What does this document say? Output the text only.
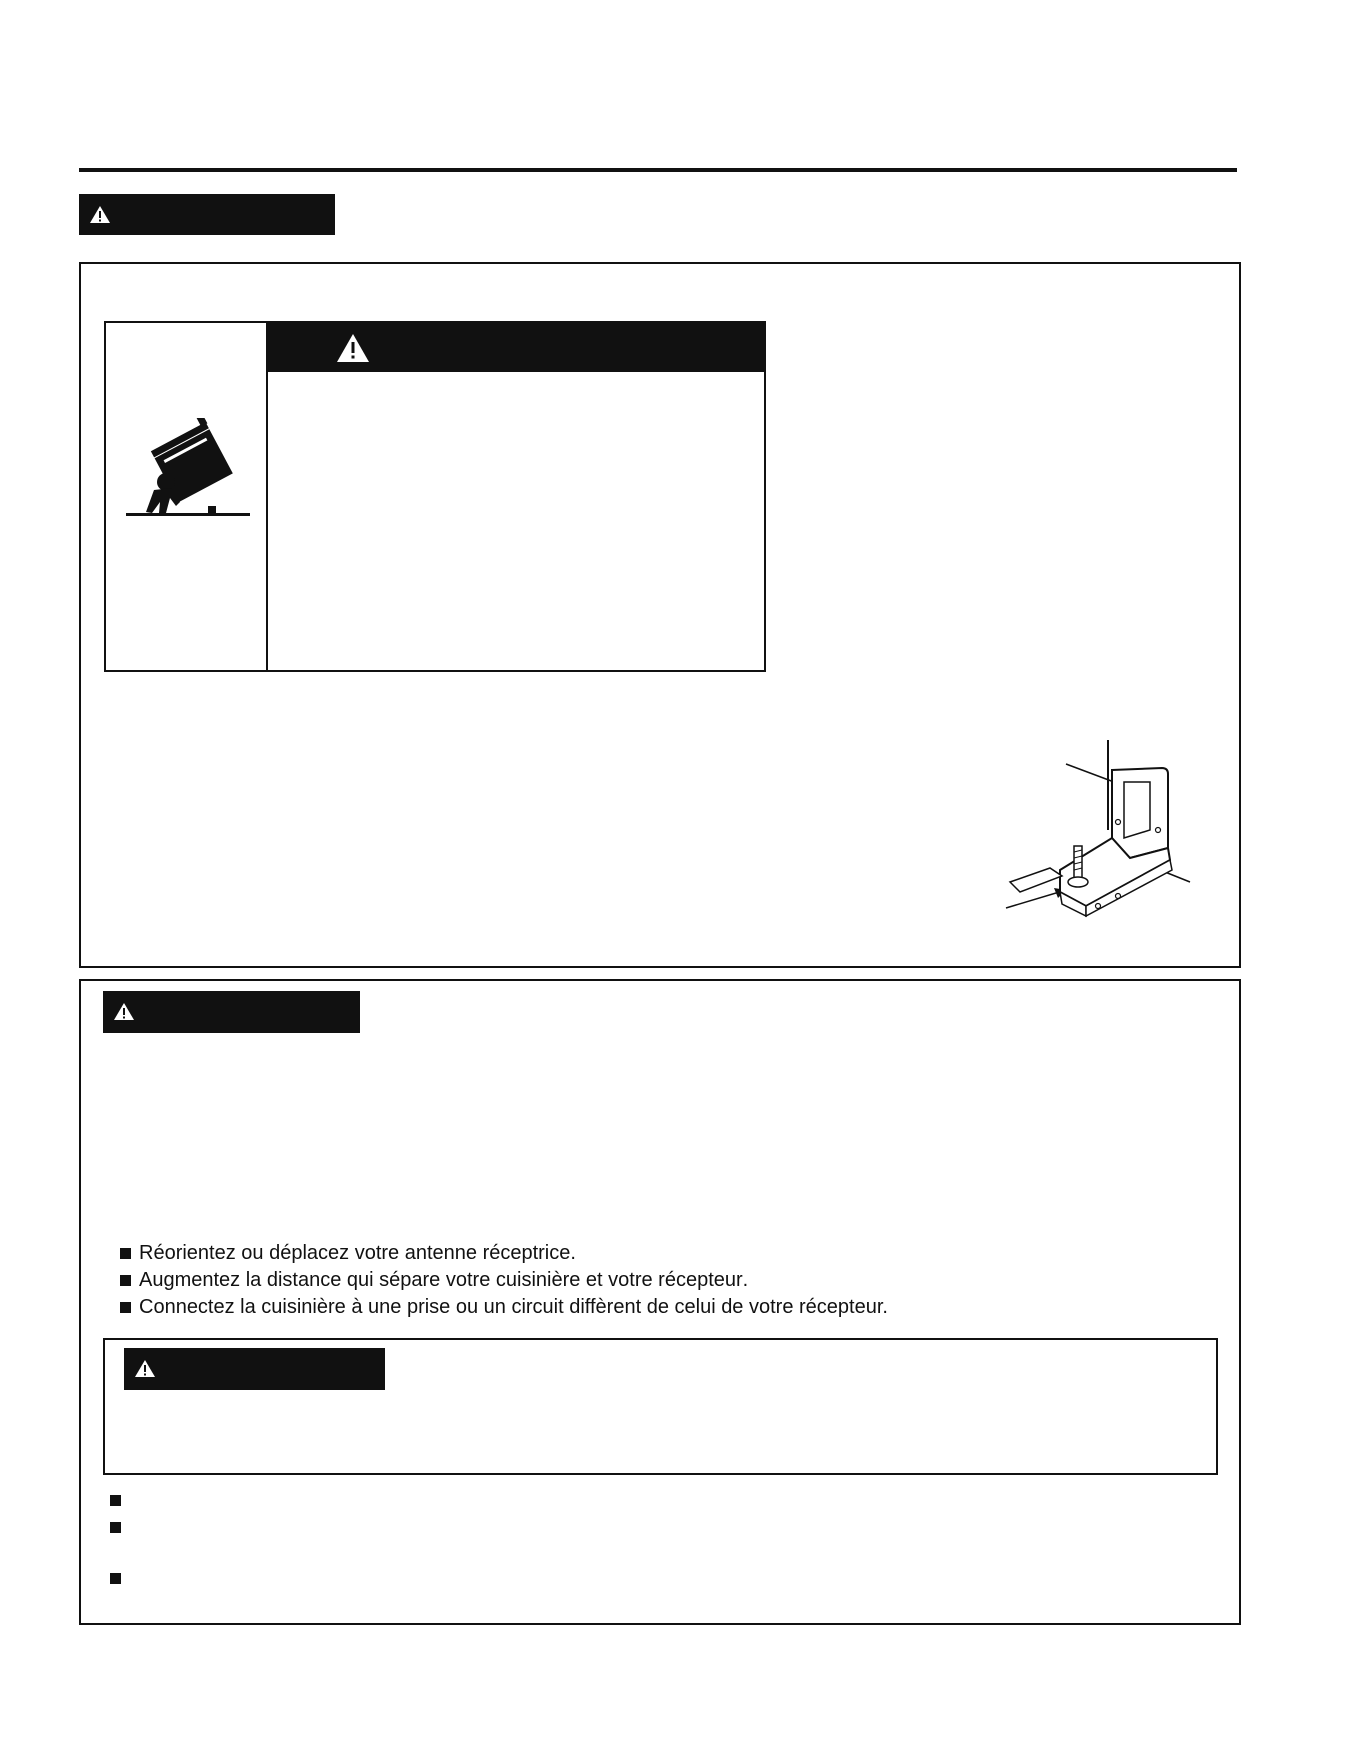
Réorientez ou déplacez votre antenne réceptrice.
Augmentez la distance qui sépare votre cuisinière et votre récepteur .
Connectez la cuisinière à une prise ou un circuit diffèrent de celui de votre récepteur.
